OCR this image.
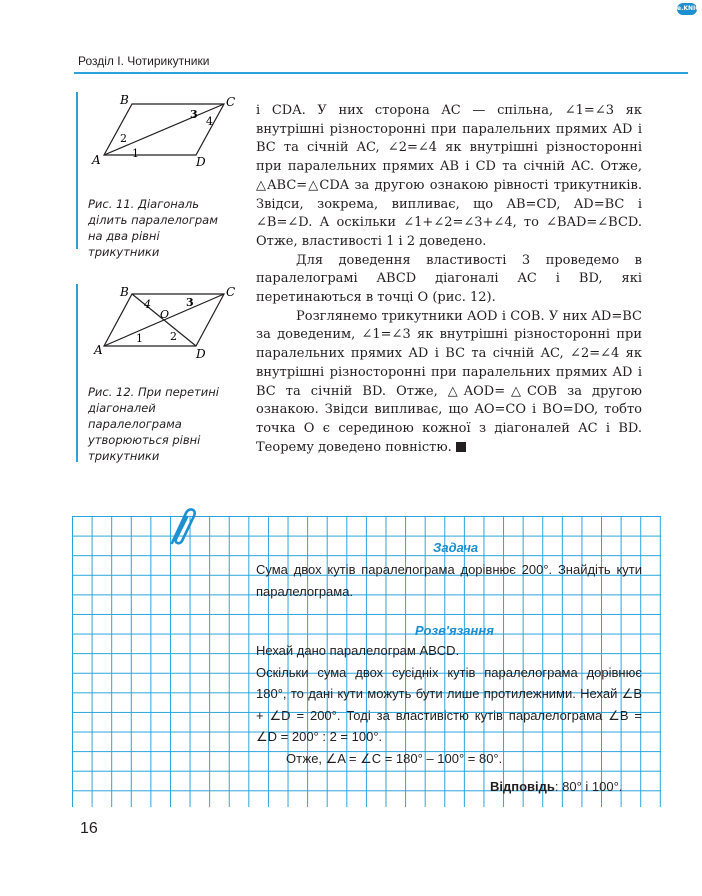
e.KNIGI
Розділ І. Чотирикутники
B	C
A	D
2
1
3
4
Рис. 11. Діагональ ділить паралелограм на два рівні трикутники
B	C
A	D
O
4	3
1 2
Рис. 12. При перетині діагоналей паралелограма утворюються рівні трикутники

і CDA. У них сторона AC — спільна, ∠1=∠3 як внутрішні різносторонні при паралельних прямих AD і BC та січній AC, ∠2=∠4 як внутрішні різносторонні при паралельних прямих AB і CD та січній AC. Отже, △ABC=△CDA за другою ознакою рівності трикутників. Звідси, зокрема, випливає, що AB=CD, AD=BC і ∠B=∠D. А оскільки ∠1+∠2=∠3+∠4, то ∠BAD=∠BCD. Отже, властивості 1 і 2 доведено.

Для доведення властивості 3 проведемо в паралелограмі ABCD діагоналі AC і BD, які перетинаються в точці O (рис. 12).

Розглянемо трикутники AOD і COB. У них AD=BC за доведеним, ∠1=∠3 як внутрішні різносторонні при паралельних прямих AD і BC та січній AC, ∠2=∠4 як внутрішні різносторонні при паралельних прямих AD і BC та січній BD. Отже, △AOD=△COB за другою ознакою. Звідси випливає, що AO=CO і BO=DO, тобто точка O є серединою кожної з діагоналей AC і BD. Теорему доведено повністю.

Задача

Сума двох кутів паралелограма дорівнює 200°. Знайдіть кути паралелограма.

Розв'язання

Нехай дано паралелограм ABCD.

Оскільки сума двох сусідніх кутів паралелограма дорівнює 180°, то дані кути можуть бути лише протилежними. Нехай ∠B + ∠D = 200°. Тоді за властивістю кутів паралелограма ∠B = ∠D = 200° : 2 = 100°.

Отже, ∠A = ∠C = 180° – 100° = 80°.

Відповідь: 80° і 100°.
16
